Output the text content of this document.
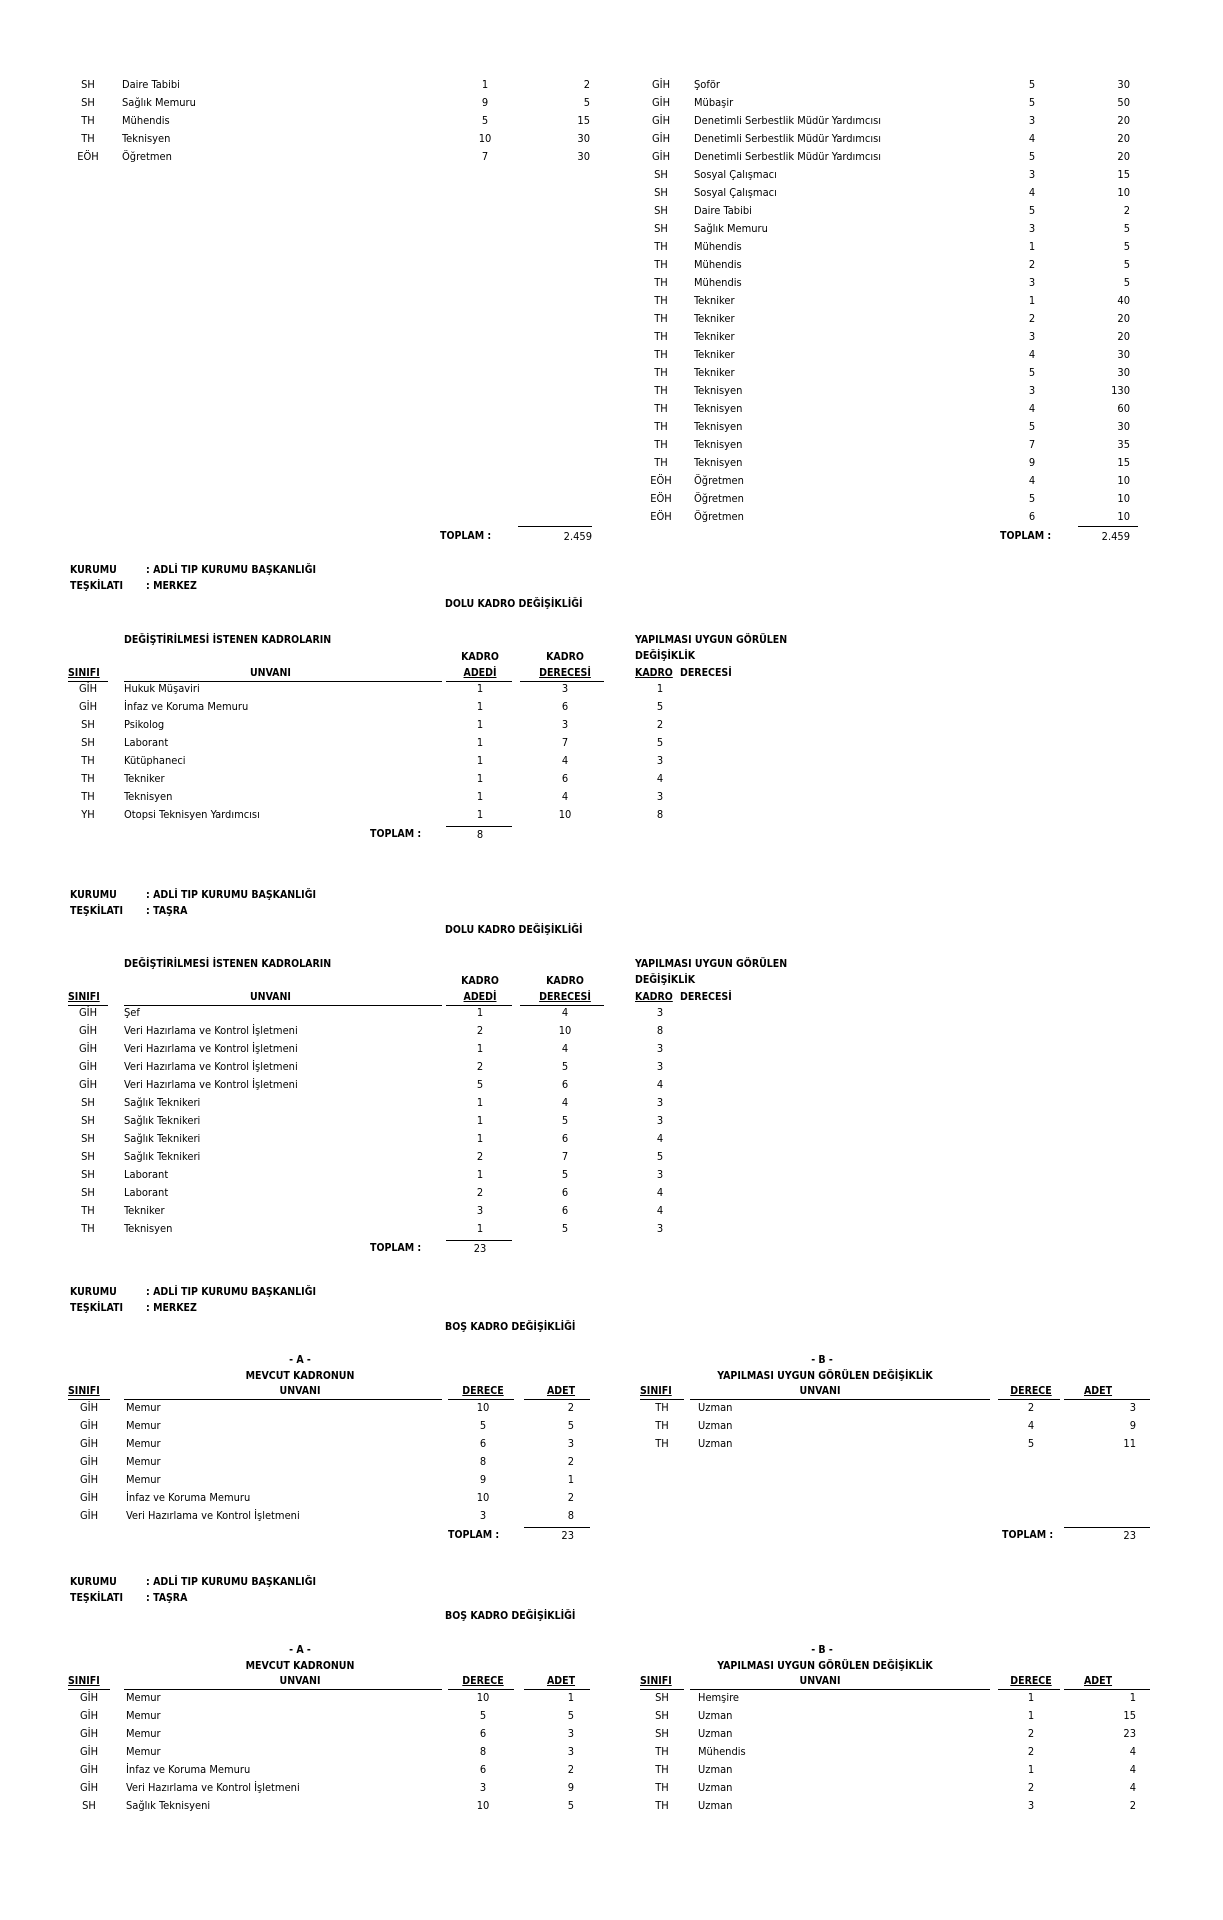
SH	Daire Tabibi	1	2
SH	Sağlık Memuru	9	5
TH	Mühendis	5	15
TH	Teknisyen	10	30
EÖH	Öğretmen	7	30
GİH	Şoför	5	30
GİH	Mübaşir	5	50
GİH	Denetimli Serbestlik Müdür Yardımcısı	3	20
GİH	Denetimli Serbestlik Müdür Yardımcısı	4	20
GİH	Denetimli Serbestlik Müdür Yardımcısı	5	20
SH	Sosyal Çalışmacı	3	15
SH	Sosyal Çalışmacı	4	10
SH	Daire Tabibi	5	2
SH	Sağlık Memuru	3	5
TH	Mühendis	1	5
TH	Mühendis	2	5
TH	Mühendis	3	5
TH	Tekniker	1	40
TH	Tekniker	2	20
TH	Tekniker	3	20
TH	Tekniker	4	30
TH	Tekniker	5	30
TH	Teknisyen	3	130
TH	Teknisyen	4	60
TH	Teknisyen	5	30
TH	Teknisyen	7	35
TH	Teknisyen	9	15
EÖH	Öğretmen	4	10
EÖH	Öğretmen	5	10
EÖH	Öğretmen	6	10
TOPLAM :	2.459	TOPLAM :	2.459
KURUMU	: ADLİ TIP KURUMU BAŞKANLIĞI
TEŞKİLATI : MERKEZ
DOLU KADRO DEĞİŞİKLİĞİ
DEĞİŞTİRİLMESİ İSTENEN KADROLARIN	YAPILMASI UYGUN GÖRÜLEN
DEĞİŞİKLİK
KADRO	KADRO
SINIFI	UNVANI	ADEDİ	DERECESİ	KADRO DERECESİ
GİH	Hukuk Müşaviri	1	3	1
GİH	İnfaz ve Koruma Memuru	1	6	5
SH	Psikolog	1	3	2
SH	Laborant	1	7	5
TH	Kütüphaneci	1	4	3
TH	Tekniker	1	6	4
TH	Teknisyen	1	4	3
YH	Otopsi Teknisyen Yardımcısı	1	10	8
TOPLAM :	8
KURUMU	: ADLİ TIP KURUMU BAŞKANLIĞI
TEŞKİLATI : TAŞRA
DOLU KADRO DEĞİŞİKLİĞİ
DEĞİŞTİRİLMESİ İSTENEN KADROLARIN	YAPILMASI UYGUN GÖRÜLEN
DEĞİŞİKLİK
KADRO	KADRO
SINIFI	UNVANI	ADEDİ	DERECESİ	KADRO DERECESİ
GİH	Şef	1	4	3
GİH	Veri Hazırlama ve Kontrol İşletmeni	2	10	8
GİH	Veri Hazırlama ve Kontrol İşletmeni	1	4	3
GİH	Veri Hazırlama ve Kontrol İşletmeni	2	5	3
GİH	Veri Hazırlama ve Kontrol İşletmeni	5	6	4
SH	Sağlık Teknikeri	1	4	3
SH	Sağlık Teknikeri	1	5	3
SH	Sağlık Teknikeri	1	6	4
SH	Sağlık Teknikeri	2	7	5
SH	Laborant	1	5	3
SH	Laborant	2	6	4
TH	Tekniker	3	6	4
TH	Teknisyen	1	5	3
TOPLAM :	23
KURUMU	: ADLİ TIP KURUMU BAŞKANLIĞI
TEŞKİLATI : MERKEZ
BOŞ KADRO DEĞİŞİKLİĞİ
- A -
MEVCUT KADRONUN
- B -
YAPILMASI UYGUN GÖRÜLEN DEĞİŞİKLİK
SINIFI	UNVANI	DERECE	ADET	SINIFI	UNVANI	DERECE	ADET
GİH	Memur	10	2
GİH	Memur	5	5
GİH	Memur	6	3
GİH	Memur	8	2
GİH	Memur	9	1
GİH	İnfaz ve Koruma Memuru	10	2
GİH	Veri Hazırlama ve Kontrol İşletmeni	3	8
TH	Uzman	2	3
TH	Uzman	4	9
TH	Uzman	5	11
TOPLAM :	23	TOPLAM :	23
KURUMU	: ADLİ TIP KURUMU BAŞKANLIĞI
TEŞKİLATI : TAŞRA
BOŞ KADRO DEĞİŞİKLİĞİ
- A -
MEVCUT KADRONUN
- B -
YAPILMASI UYGUN GÖRÜLEN DEĞİŞİKLİK
SINIFI	UNVANI	DERECE	ADET	SINIFI	UNVANI	DERECE	ADET
GİH	Memur	10	1
GİH	Memur	5	5
GİH	Memur	6	3
GİH	Memur	8	3
GİH	İnfaz ve Koruma Memuru	6	2
GİH	Veri Hazırlama ve Kontrol İşletmeni	3	9
SH	Sağlık Teknisyeni	10	5
SH	Hemşire	1	1
SH	Uzman	1	15
SH	Uzman	2	23
TH	Mühendis	2	4
TH	Uzman	1	4
TH	Uzman	2	4
TH	Uzman	3	2
